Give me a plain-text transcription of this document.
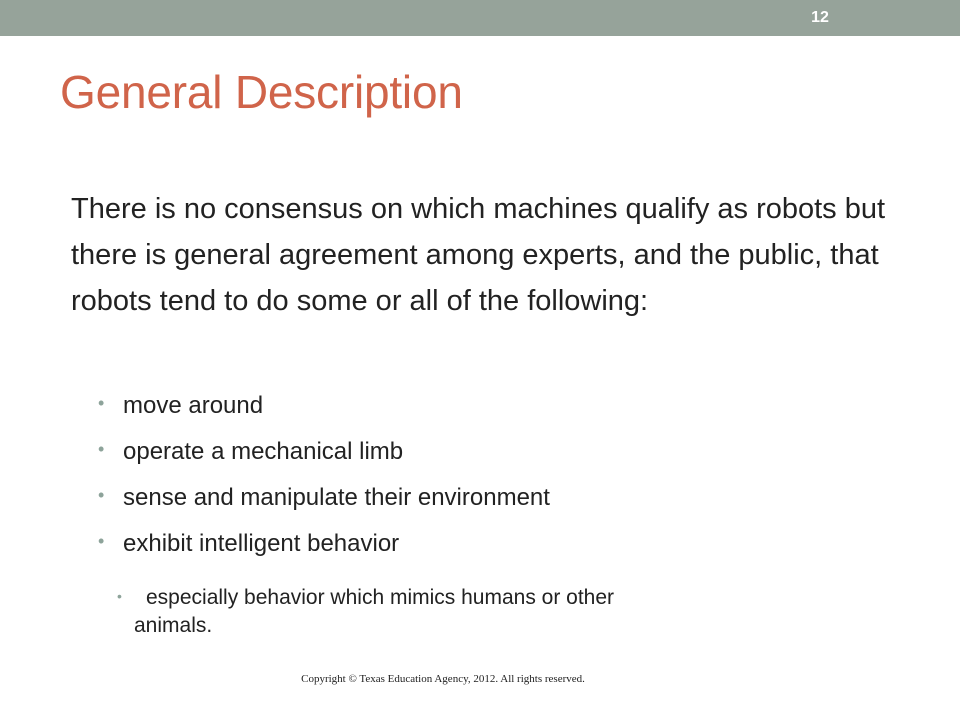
12
General Description

There is no consensus on which machines qualify as robots but there is general agreement among experts, and the public, that robots tend to do some or all of the following:

• move around
• operate a mechanical limb
• sense and manipulate their environment
• exhibit intelligent behavior
• especially behavior which mimics humans or other
animals.
Copyright © Texas Education Agency, 2012. All rights reserved.
